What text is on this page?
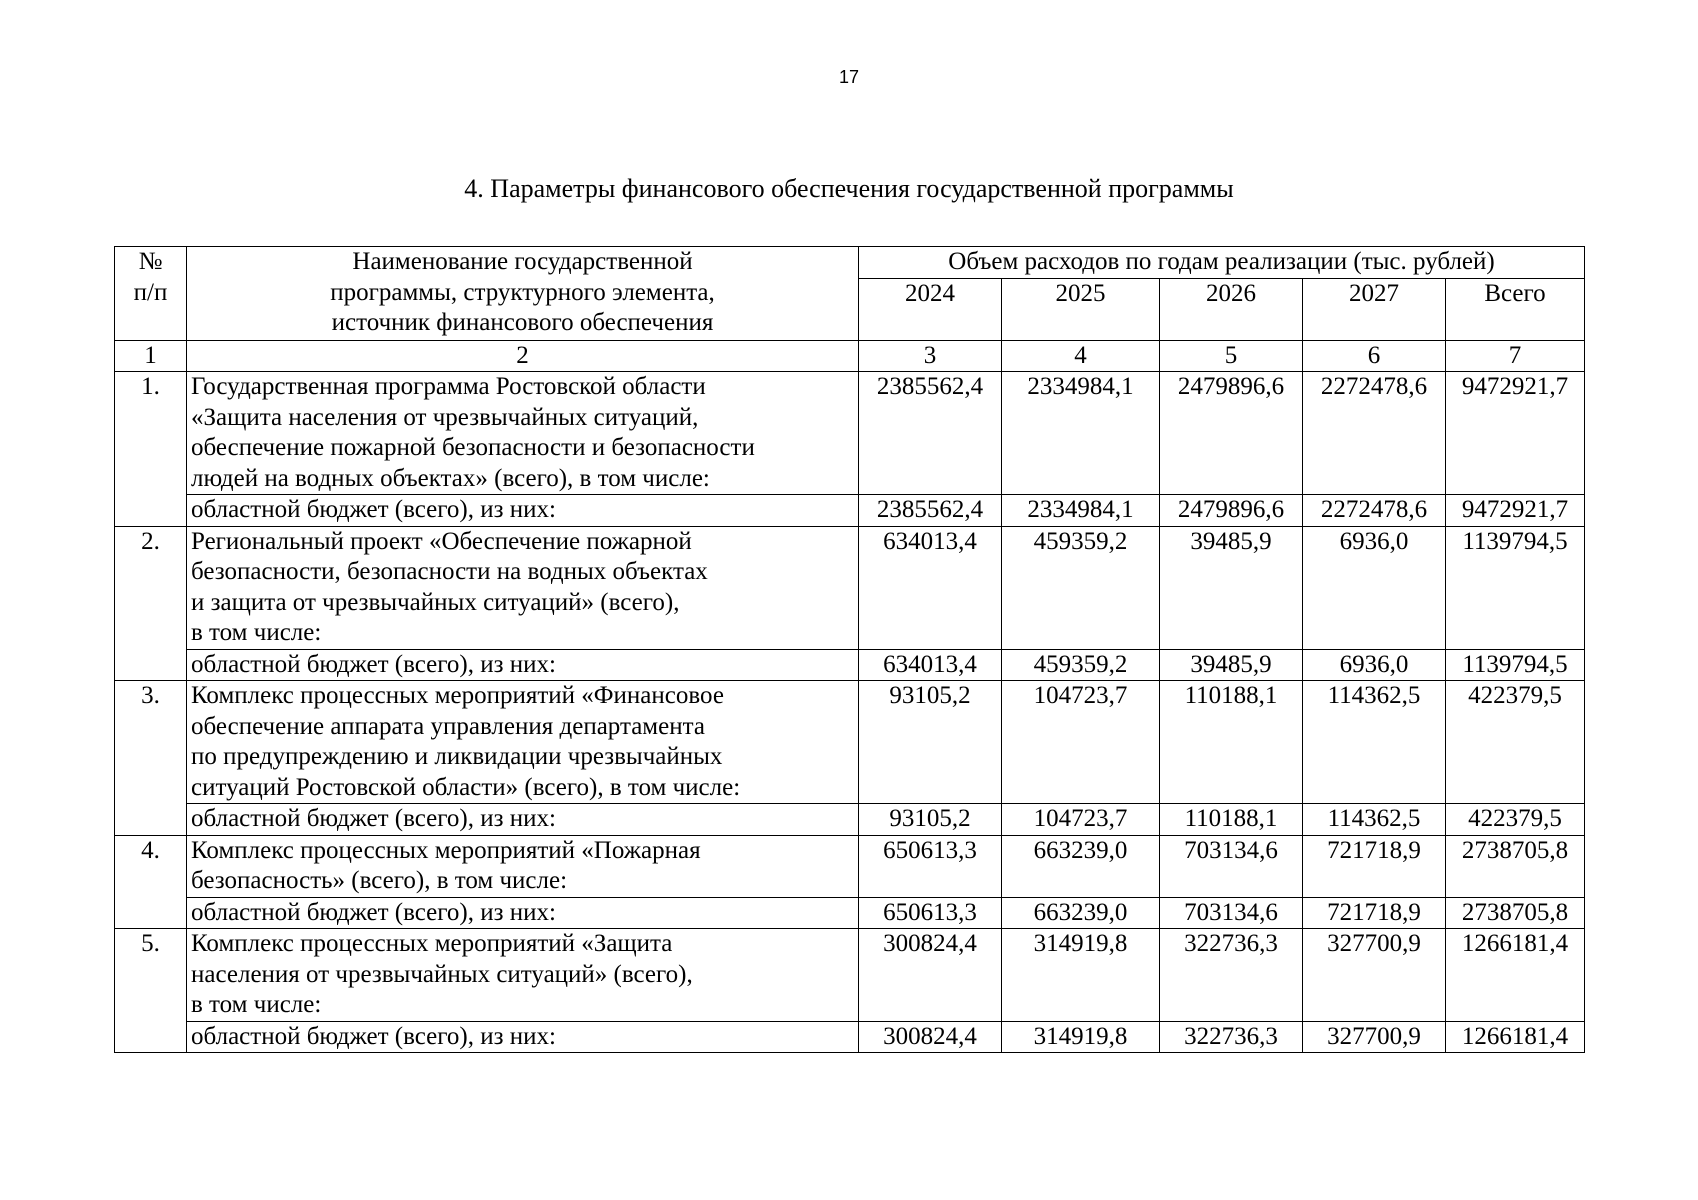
17
4. Параметры финансового обеспечения государственной программы
№
п/п	Наименование государственной
программы, структурного элемента,
источник финансового обеспечения	Объем расходов по годам реализации (тыс. рублей)				
		2024	2025	2026	2027	Всего
1	2	3	4	5	6	7
1.	Государственная программа Ростовской области
«Защита населения от чрезвычайных ситуаций,
обеспечение пожарной безопасности и безопасности
людей на водных объектах» (всего), в том числе:	2385562,4	2334984,1	2479896,6	2272478,6	9472921,7
	областной бюджет (всего), из них:	2385562,4	2334984,1	2479896,6	2272478,6	9472921,7
2.	Региональный проект «Обеспечение пожарной
безопасности, безопасности на водных объектах
и защита от чрезвычайных ситуаций» (всего),
в том числе:	634013,4	459359,2	39485,9	6936,0	1139794,5
	областной бюджет (всего), из них:	634013,4	459359,2	39485,9	6936,0	1139794,5
3.	Комплекс процессных мероприятий «Финансовое
обеспечение аппарата управления департамента
по предупреждению и ликвидации чрезвычайных
ситуаций Ростовской области» (всего), в том числе:	93105,2	104723,7	110188,1	114362,5	422379,5
	областной бюджет (всего), из них:	93105,2	104723,7	110188,1	114362,5	422379,5
4.	Комплекс процессных мероприятий «Пожарная
безопасность» (всего), в том числе:	650613,3	663239,0	703134,6	721718,9	2738705,8
	областной бюджет (всего), из них:	650613,3	663239,0	703134,6	721718,9	2738705,8
5.	Комплекс процессных мероприятий «Защита
населения от чрезвычайных ситуаций» (всего),
в том числе:	300824,4	314919,8	322736,3	327700,9	1266181,4
	областной бюджет (всего), из них:	300824,4	314919,8	322736,3	327700,9	1266181,4
